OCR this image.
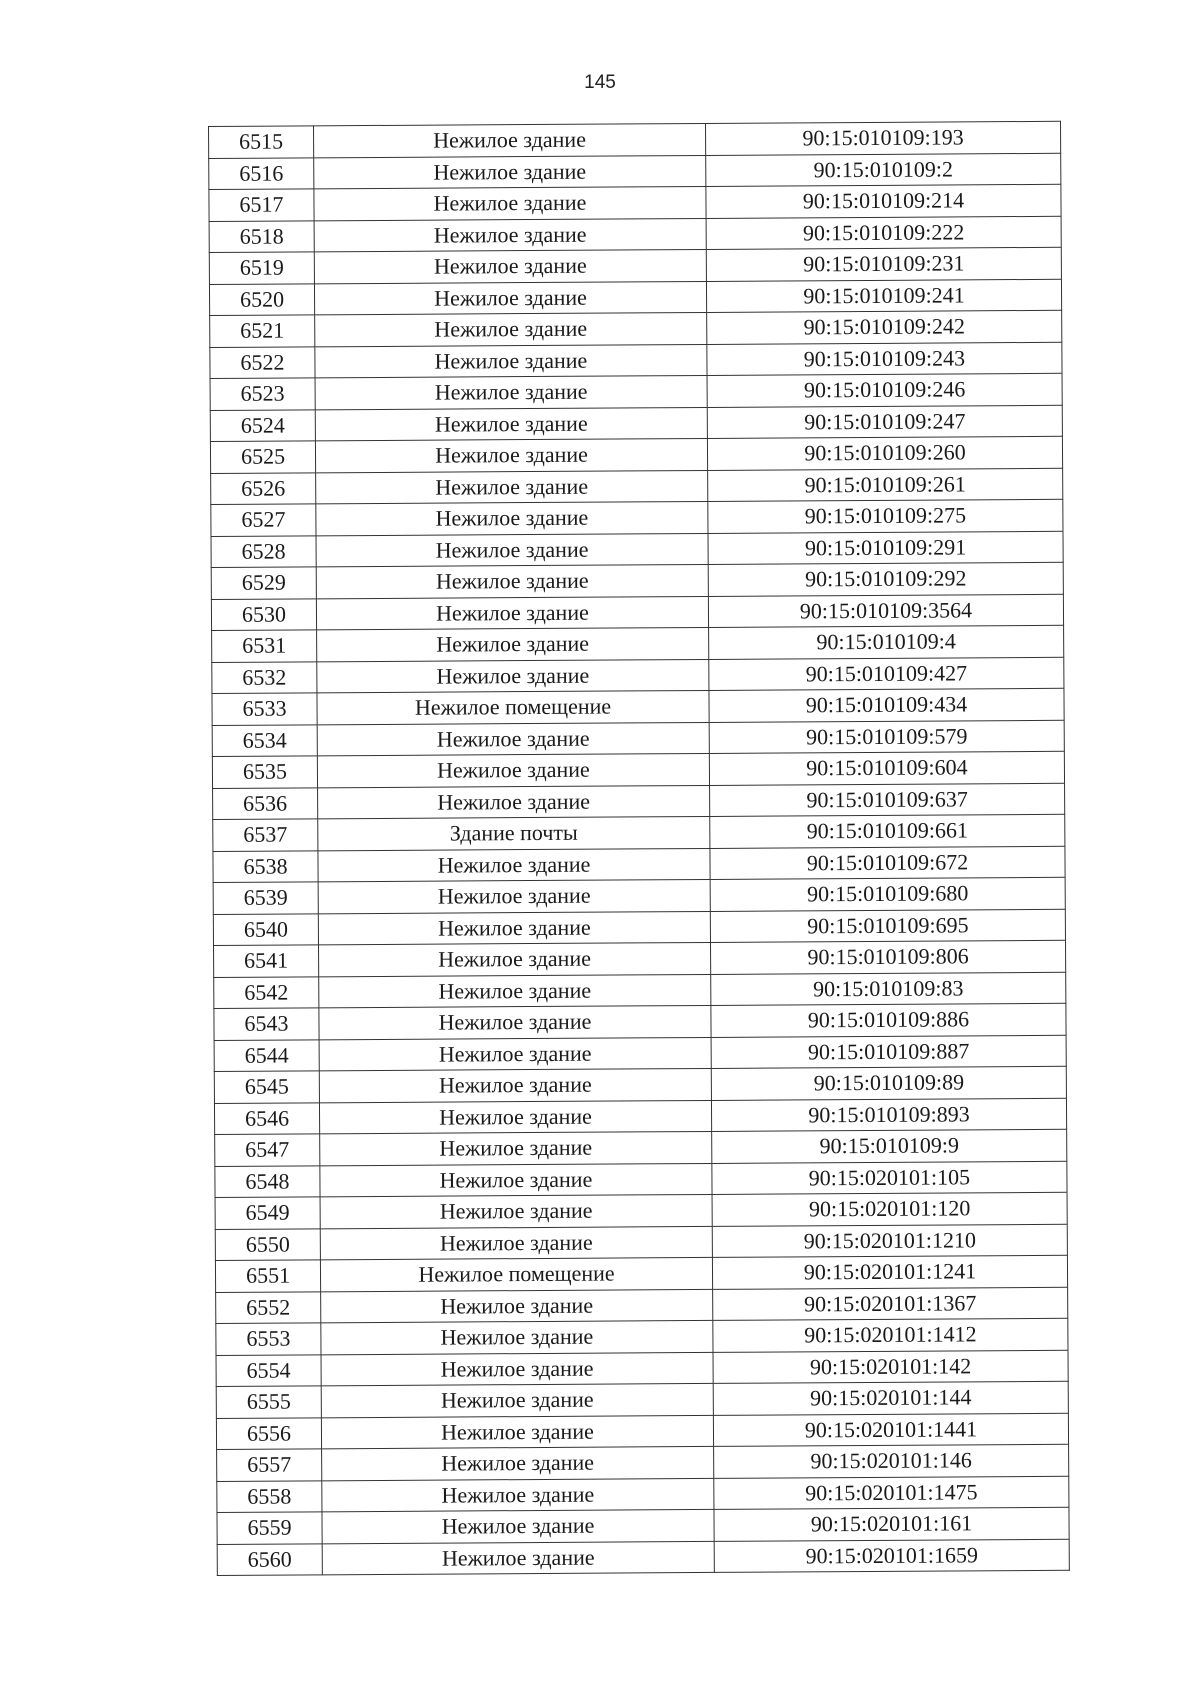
145
6515	Нежилое здание	90:15:010109:193
6516	Нежилое здание	90:15:010109:2
6517	Нежилое здание	90:15:010109:214
6518	Нежилое здание	90:15:010109:222
6519	Нежилое здание	90:15:010109:231
6520	Нежилое здание	90:15:010109:241
6521	Нежилое здание	90:15:010109:242
6522	Нежилое здание	90:15:010109:243
6523	Нежилое здание	90:15:010109:246
6524	Нежилое здание	90:15:010109:247
6525	Нежилое здание	90:15:010109:260
6526	Нежилое здание	90:15:010109:261
6527	Нежилое здание	90:15:010109:275
6528	Нежилое здание	90:15:010109:291
6529	Нежилое здание	90:15:010109:292
6530	Нежилое здание	90:15:010109:3564
6531	Нежилое здание	90:15:010109:4
6532	Нежилое здание	90:15:010109:427
6533	Нежилое помещение	90:15:010109:434
6534	Нежилое здание	90:15:010109:579
6535	Нежилое здание	90:15:010109:604
6536	Нежилое здание	90:15:010109:637
6537	Здание почты	90:15:010109:661
6538	Нежилое здание	90:15:010109:672
6539	Нежилое здание	90:15:010109:680
6540	Нежилое здание	90:15:010109:695
6541	Нежилое здание	90:15:010109:806
6542	Нежилое здание	90:15:010109:83
6543	Нежилое здание	90:15:010109:886
6544	Нежилое здание	90:15:010109:887
6545	Нежилое здание	90:15:010109:89
6546	Нежилое здание	90:15:010109:893
6547	Нежилое здание	90:15:010109:9
6548	Нежилое здание	90:15:020101:105
6549	Нежилое здание	90:15:020101:120
6550	Нежилое здание	90:15:020101:1210
6551	Нежилое помещение	90:15:020101:1241
6552	Нежилое здание	90:15:020101:1367
6553	Нежилое здание	90:15:020101:1412
6554	Нежилое здание	90:15:020101:142
6555	Нежилое здание	90:15:020101:144
6556	Нежилое здание	90:15:020101:1441
6557	Нежилое здание	90:15:020101:146
6558	Нежилое здание	90:15:020101:1475
6559	Нежилое здание	90:15:020101:161
6560	Нежилое здание	90:15:020101:1659
